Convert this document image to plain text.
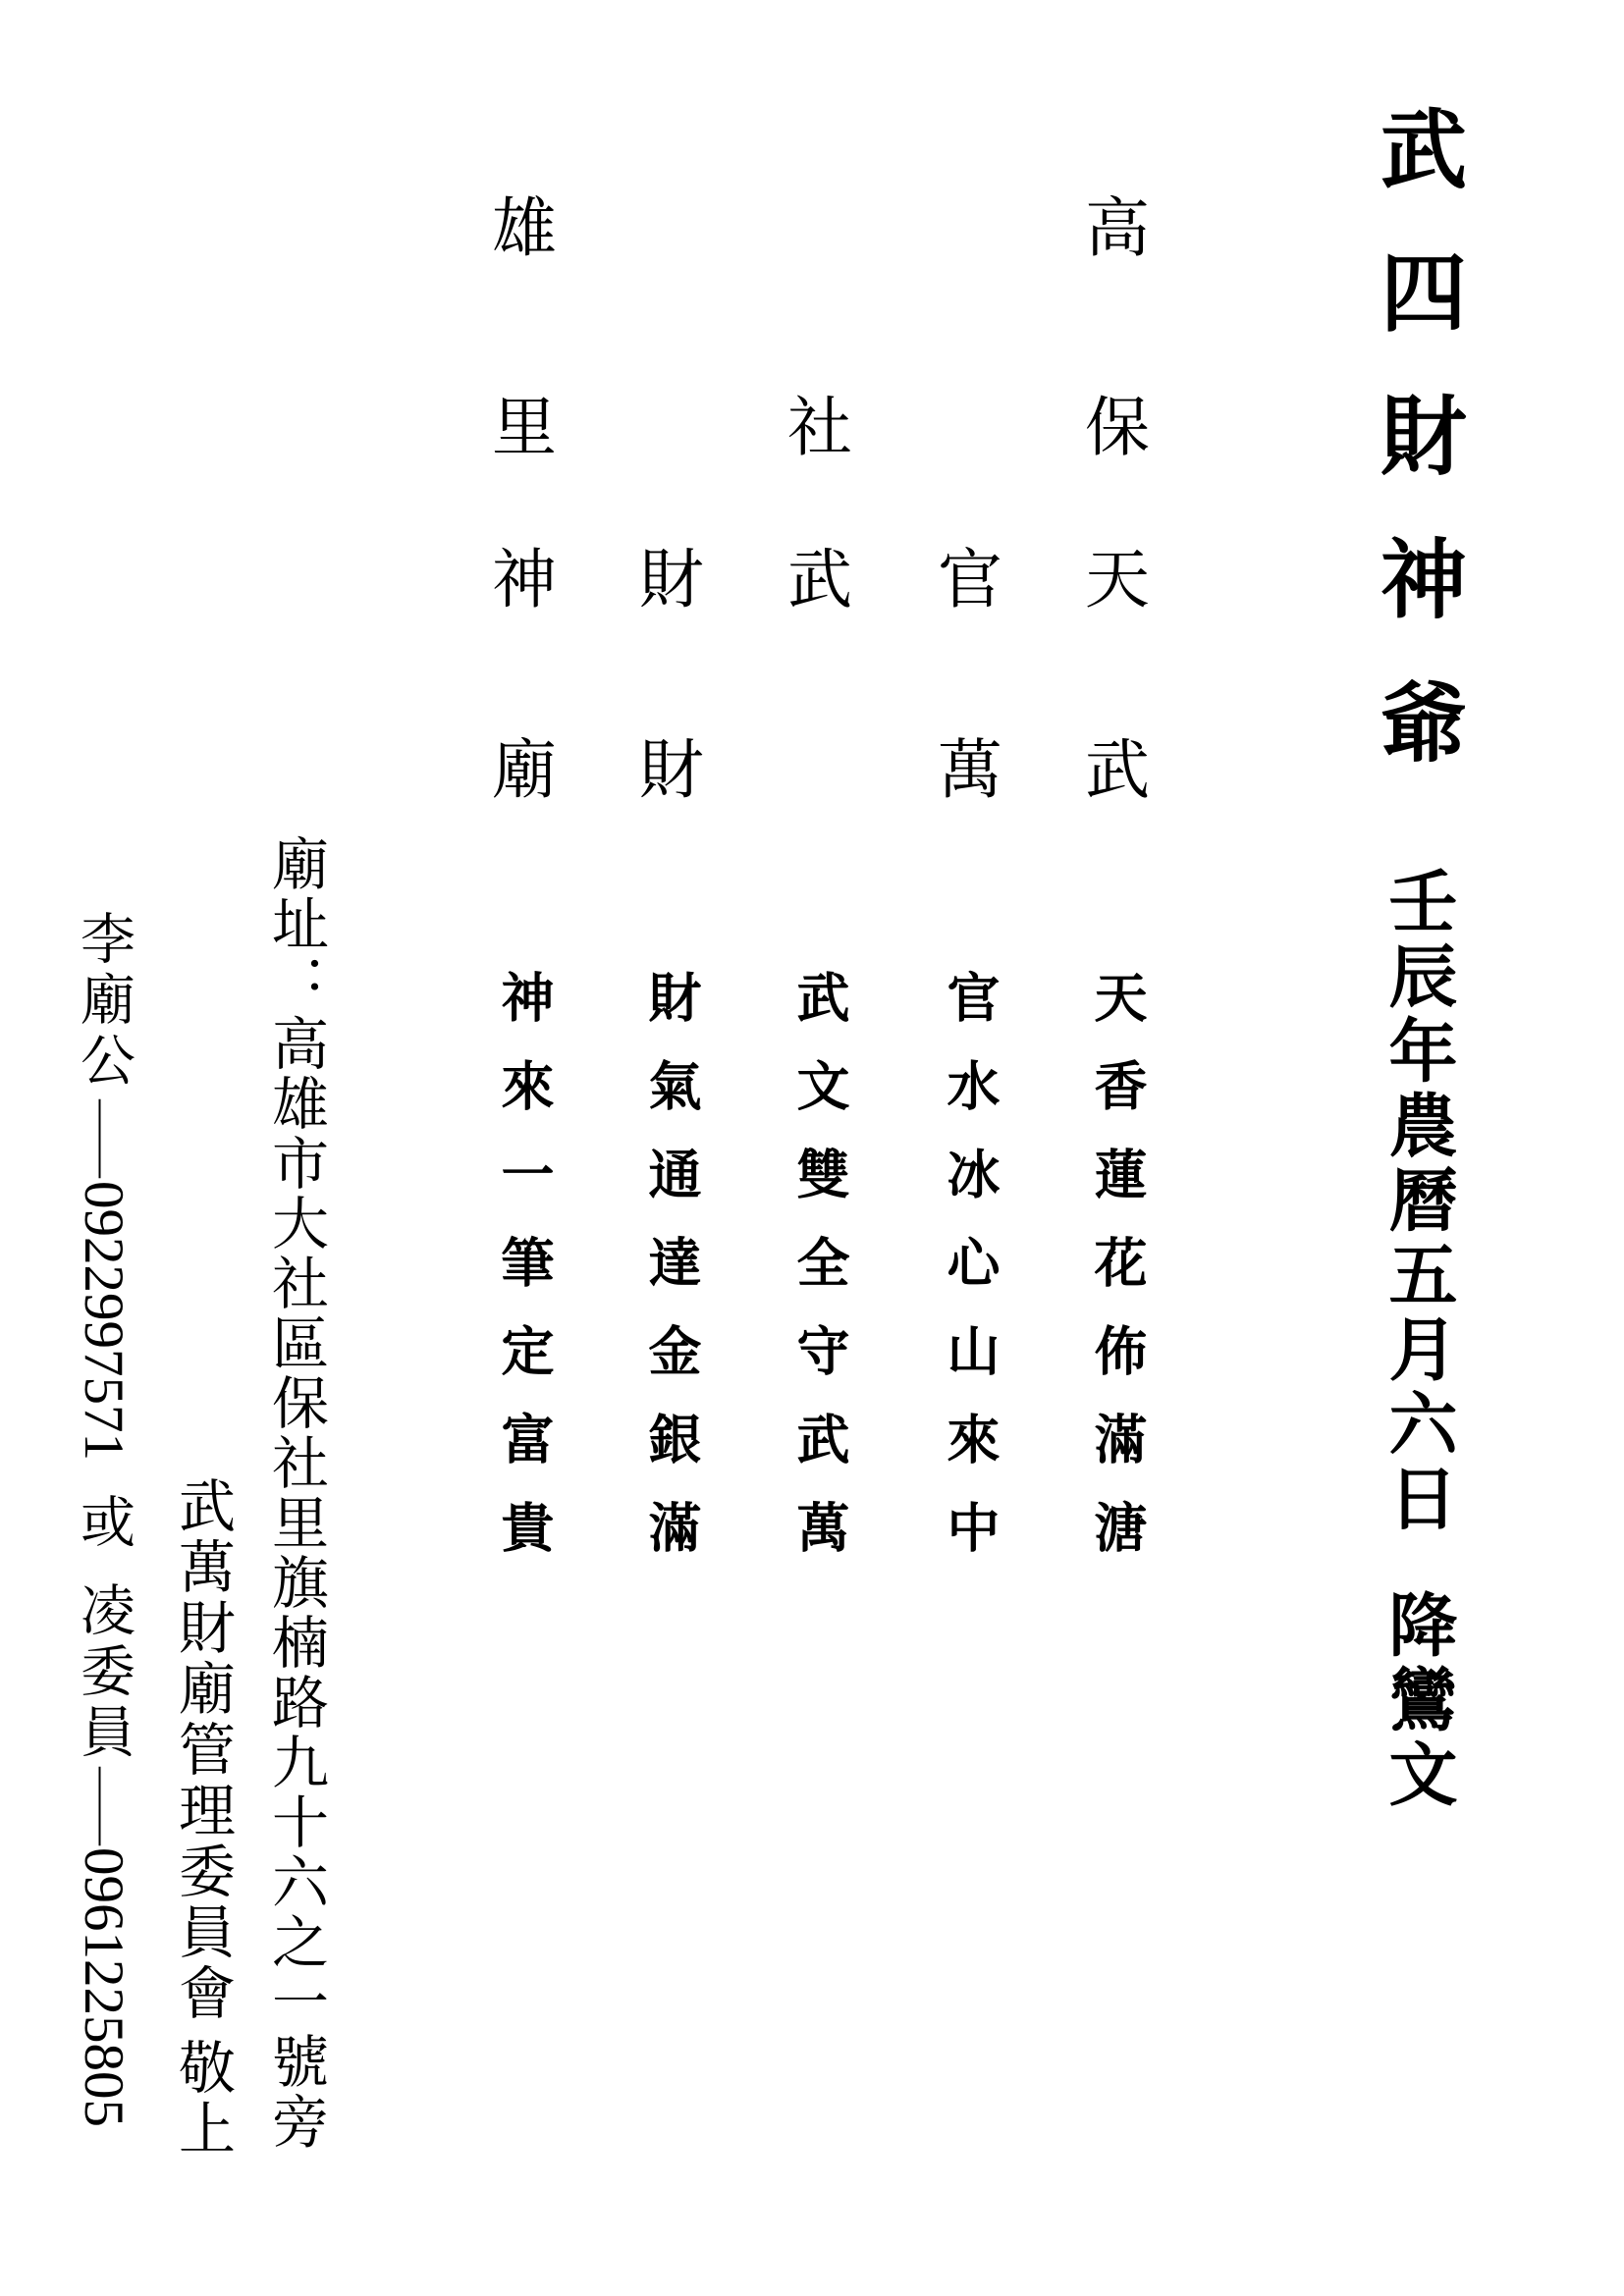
武四財神爺
壬辰年農曆五月六日
降鸞文
高
雄
保
社
里
天
官
武
財
神
武
萬
財
廟
天香蓮花佈滿溏
官水冰心山來中
武文雙全守武萬
財氣通達金銀滿
神來一筆定富貴
廟址：高雄市大社區保社里旗楠路九十六之一號旁
武萬財廟管理委員會
敬上
李廟公
——
0922997571
或
凌委員
——
0961225805
